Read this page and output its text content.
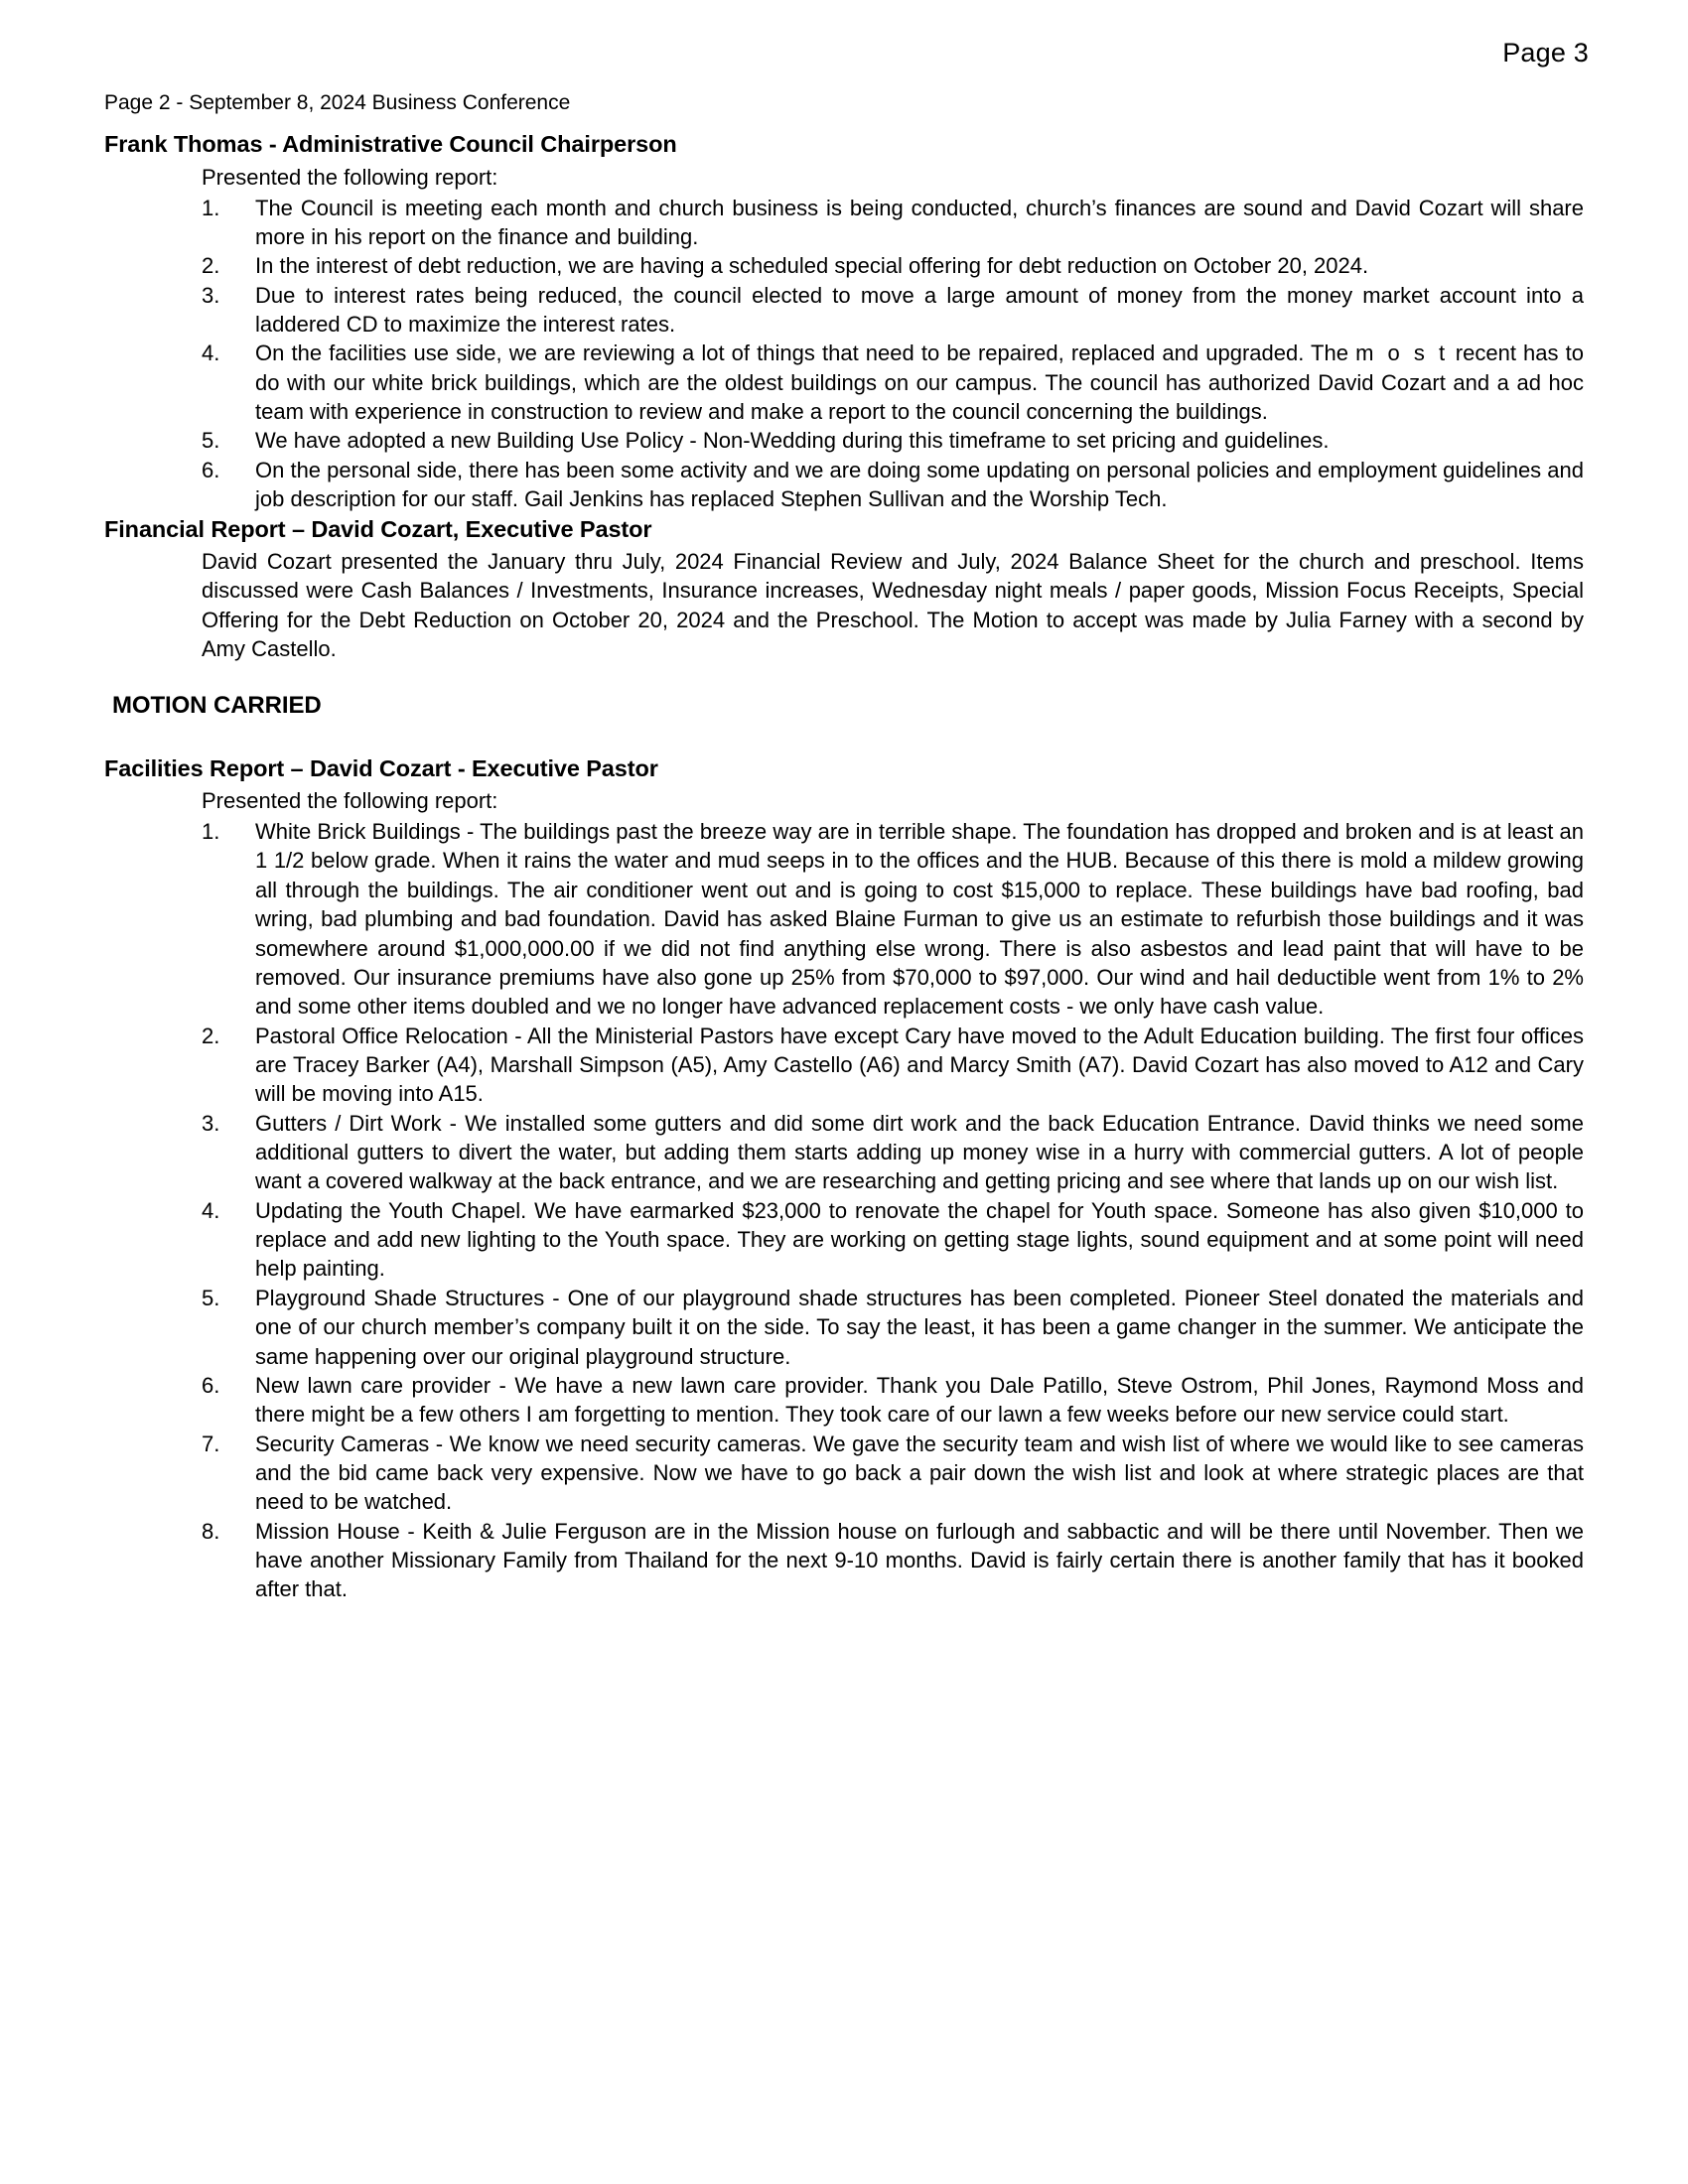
Page 3
Page 2 - September 8, 2024 Business Conference
Frank Thomas - Administrative Council Chairperson
Presented the following report:
1.	The Council is meeting each month and church business is being conducted, church’s finances are sound and David Cozart will share more in his report on the finance and building.
2.	In the interest of debt reduction, we are having a scheduled special offering for debt reduction on October 20, 2024.
3.	Due to interest rates being reduced, the council elected to move a large amount of money from the money market account into a laddered CD to maximize the interest rates.
4.	On the facilities use side, we are reviewing a lot of things that need to be repaired, replaced and upgraded. The m o s t recent has to do with our white brick buildings, which are the oldest buildings on our campus. The council has authorized David Cozart and a ad hoc team with experience in construction to review and make a report to the council concerning the buildings.
5.	We have adopted a new Building Use Policy - Non-Wedding during this timeframe to set pricing and guidelines.
6.	On the personal side, there has been some activity and we are doing some updating on personal policies and employment guidelines and job description for our staff. Gail Jenkins has replaced Stephen Sullivan and the Worship Tech.
Financial Report – David Cozart, Executive Pastor

David Cozart presented the January thru July, 2024 Financial Review and July, 2024 Balance Sheet for the church and preschool. Items discussed were Cash Balances / Investments, Insurance increases, Wednesday night meals / paper goods, Mission Focus Receipts, Special Offering for the Debt Reduction on October 20, 2024 and the Preschool. The Motion to accept was made by Julia Farney with a second by Amy Castello.

MOTION CARRIED
Facilities Report – David Cozart - Executive Pastor
Presented the following report:
1.	White Brick Buildings - The buildings past the breeze way are in terrible shape. The foundation has dropped and broken and is at least an 1 1/2 below grade. When it rains the water and mud seeps in to the offices and the HUB. Because of this there is mold a mildew growing all through the buildings. The air conditioner went out and is going to cost $15,000 to replace. These buildings have bad roofing, bad wring, bad plumbing and bad foundation. David has asked Blaine Furman to give us an estimate to refurbish those buildings and it was somewhere around $1,000,000.00 if we did not find anything else wrong. There is also asbestos and lead paint that will have to be removed. Our insurance premiums have also gone up 25% from $70,000 to $97,000. Our wind and hail deductible went from 1% to 2% and some other items doubled and we no longer have advanced replacement costs - we only have cash value.
2.	Pastoral Office Relocation - All the Ministerial Pastors have except Cary have moved to the Adult Education building. The first four offices are Tracey Barker (A4), Marshall Simpson (A5), Amy Castello (A6) and Marcy Smith (A7). David Cozart has also moved to A12 and Cary will be moving into A15.
3.	Gutters / Dirt Work - We installed some gutters and did some dirt work and the back Education Entrance. David thinks we need some additional gutters to divert the water, but adding them starts adding up money wise in a hurry with commercial gutters. A lot of people want a covered walkway at the back entrance, and we are researching and getting pricing and see where that lands up on our wish list.
4.	Updating the Youth Chapel. We have earmarked $23,000 to renovate the chapel for Youth space. Someone has also given $10,000 to replace and add new lighting to the Youth space. They are working on getting stage lights, sound equipment and at some point will need help painting.
5.	Playground Shade Structures - One of our playground shade structures has been completed. Pioneer Steel donated the materials and one of our church member’s company built it on the side. To say the least, it has been a game changer in the summer. We anticipate the same happening over our original playground structure.
6.	New lawn care provider - We have a new lawn care provider. Thank you Dale Patillo, Steve Ostrom, Phil Jones, Raymond Moss and there might be a few others I am forgetting to mention. They took care of our lawn a few weeks before our new service could start.
7.	Security Cameras - We know we need security cameras. We gave the security team and wish list of where we would like to see cameras and the bid came back very expensive. Now we have to go back a pair down the wish list and look at where strategic places are that need to be watched.
8.	Mission House - Keith & Julie Ferguson are in the Mission house on furlough and sabbactic and will be there until November. Then we have another Missionary Family from Thailand for the next 9-10 months. David is fairly certain there is another family that has it booked after that.
